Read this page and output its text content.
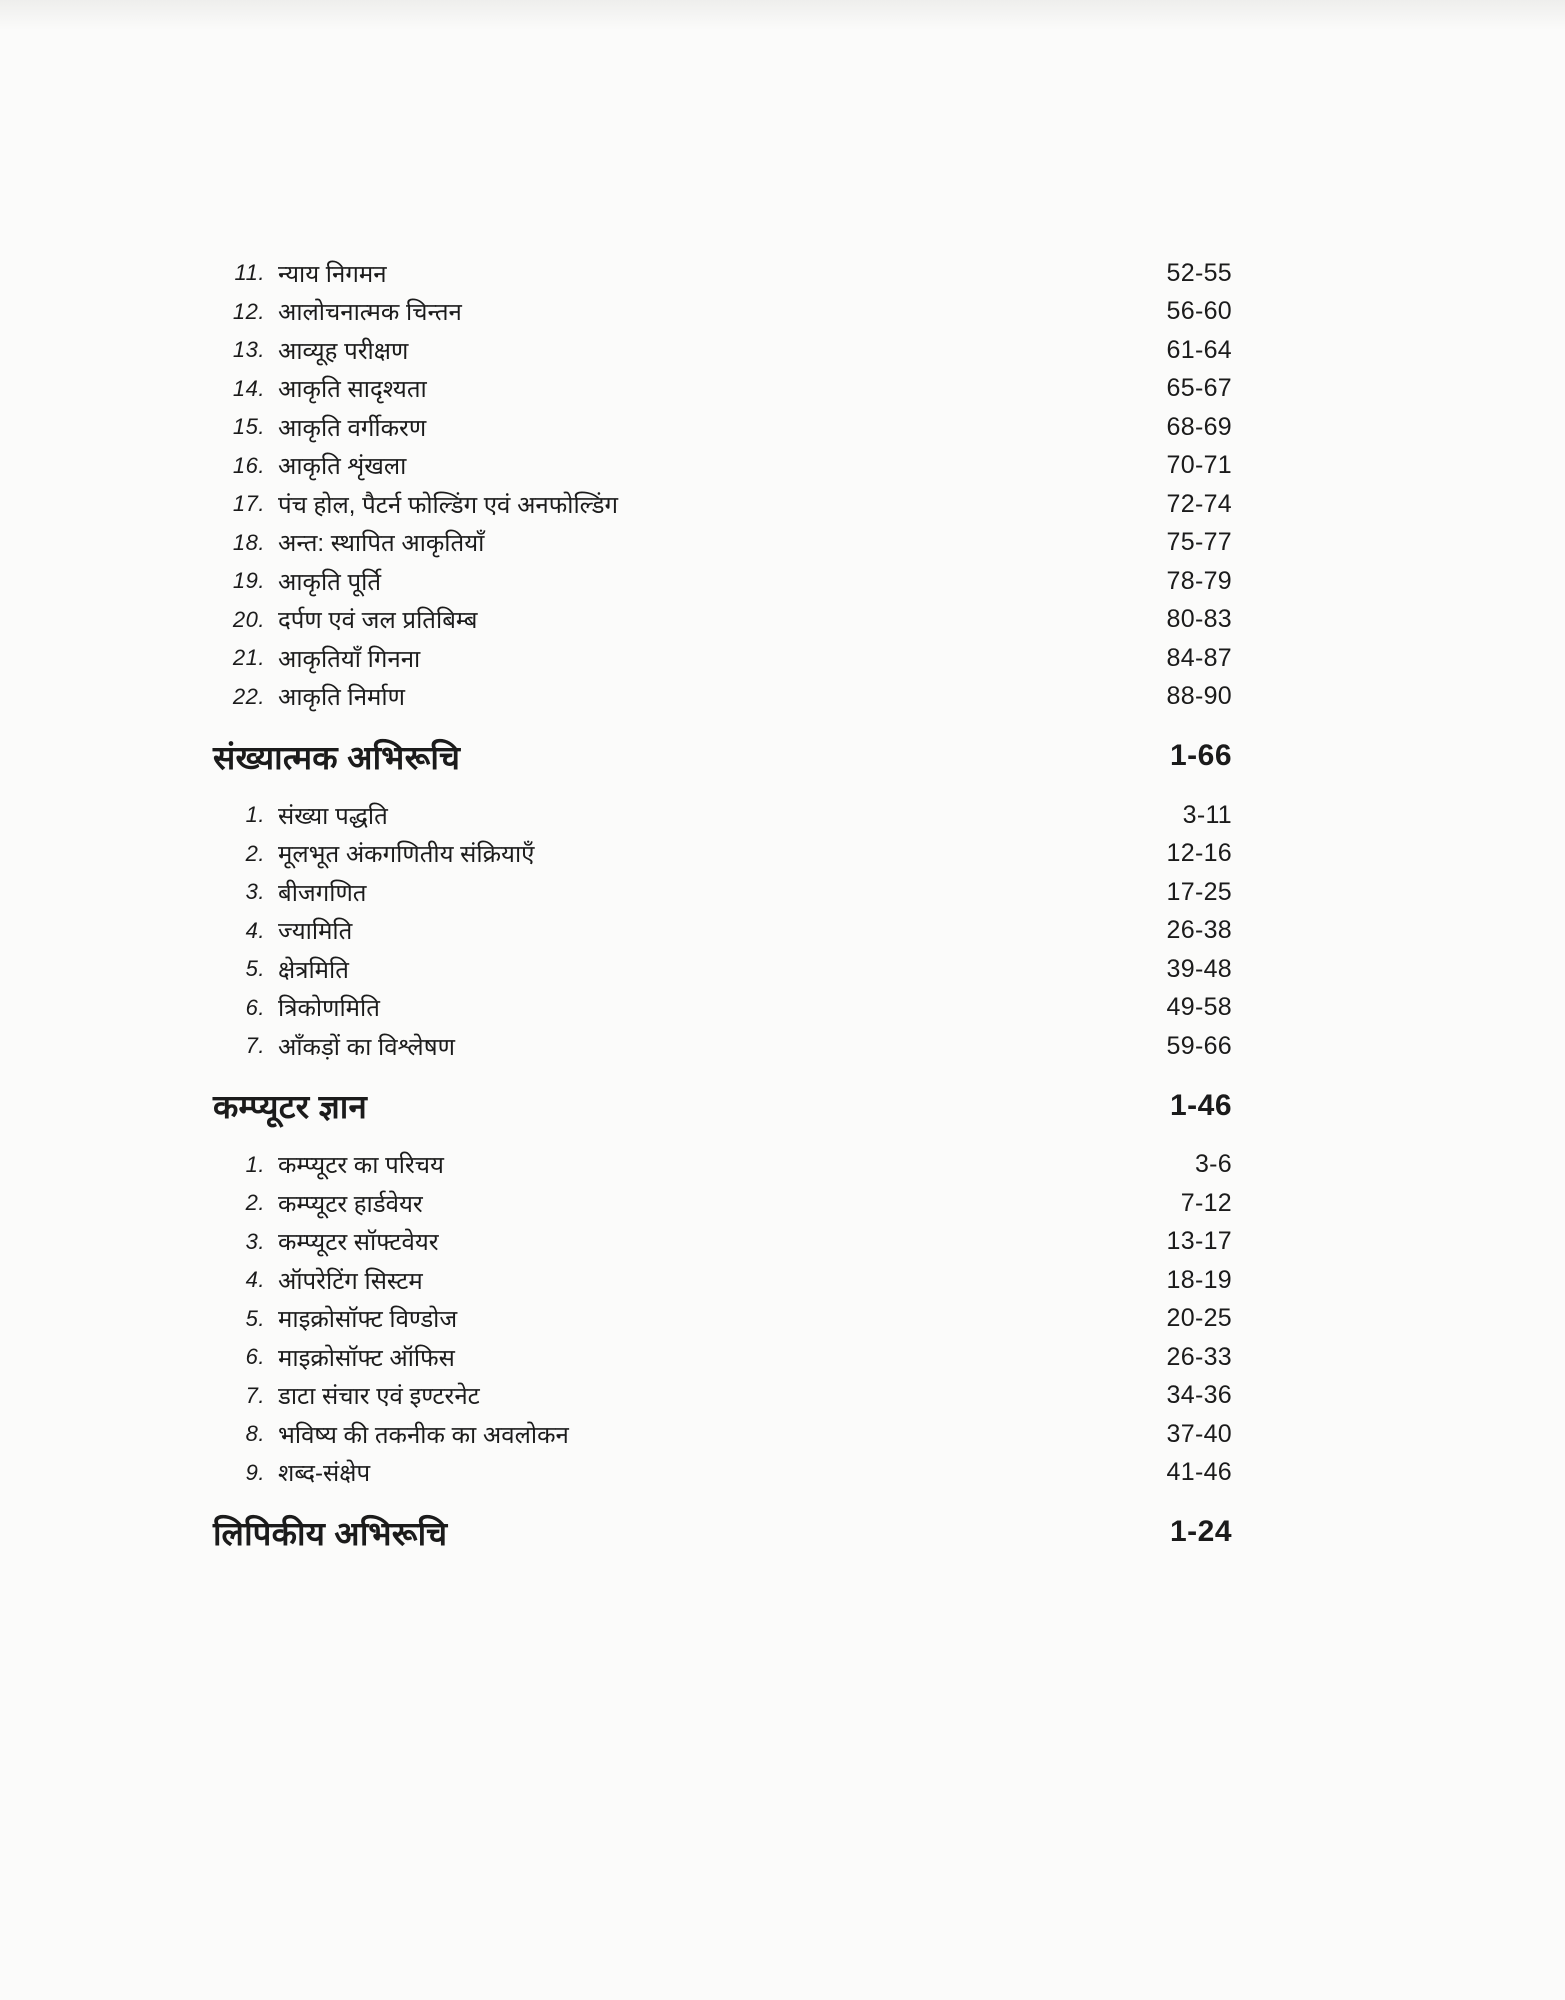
11. न्याय निगमन	52-55
12. आलोचनात्मक चिन्तन	56-60
13. आव्यूह परीक्षण	61-64
14. आकृति सादृश्यता	65-67
15. आकृति वर्गीकरण	68-69
16. आकृति शृंखला	70-71
17. पंच होल, पैटर्न फोल्डिंग एवं अनफोल्डिंग	72-74
18. अन्त: स्थापित आकृतियाँ	75-77
19. आकृति पूर्ति	78-79
20. दर्पण एवं जल प्रतिबिम्ब	80-83
21. आकृतियाँ गिनना	84-87
22. आकृति निर्माण	88-90
संख्यात्मक अभिरूचि	1-66
1. संख्या पद्धति	3-11
2. मूलभूत अंकगणितीय संक्रियाएँ	12-16
3. बीजगणित	17-25
4. ज्यामिति	26-38
5. क्षेत्रमिति	39-48
6. त्रिकोणमिति	49-58
7. आँकड़ों का विश्लेषण	59-66
कम्प्यूटर ज्ञान	1-46
1. कम्प्यूटर का परिचय	3-6
2. कम्प्यूटर हार्डवेयर	7-12
3. कम्प्यूटर सॉफ्टवेयर	13-17
4. ऑपरेटिंग सिस्टम	18-19
5. माइक्रोसॉफ्ट विण्डोज	20-25
6. माइक्रोसॉफ्ट ऑफिस	26-33
7. डाटा संचार एवं इण्टरनेट	34-36
8. भविष्य की तकनीक का अवलोकन	37-40
9. शब्द-संक्षेप	41-46
लिपिकीय अभिरूचि	1-24
